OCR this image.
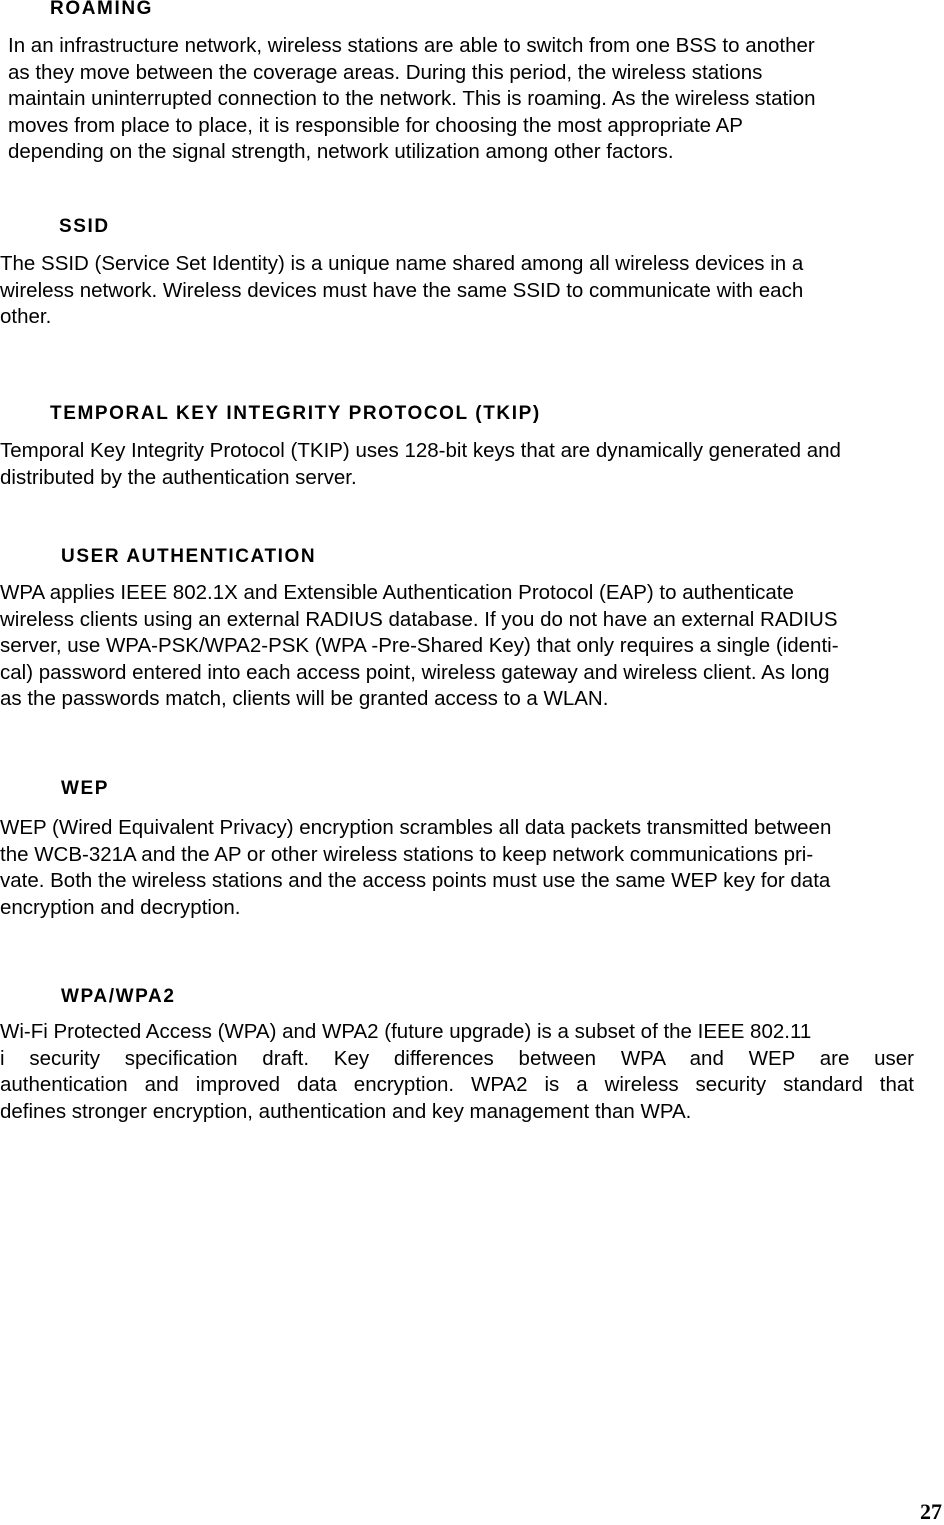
ROAMING
In an infrastructure network, wireless stations are able to switch from one BSS to another
as they move between the coverage areas. During this period, the wireless stations
maintain uninterrupted connection to the network. This is roaming. As the wireless station
moves from place to place, it is responsible for choosing the most appropriate AP
depending on the signal strength, network utilization among other factors.
SSID
The SSID (Service Set Identity) is a unique name shared among all wireless devices in a
wireless network. Wireless devices must have the same SSID to communicate with each
other.
TEMPORAL KEY INTEGRITY PROTOCOL (TKIP)
Temporal Key Integrity Protocol (TKIP) uses 128-bit keys that are dynamically generated and
distributed by the authentication server.
USER AUTHENTICATION
WPA applies IEEE 802.1X and Extensible Authentication Protocol (EAP) to authenticate
wireless clients using an external RADIUS database. If you do not have an external RADIUS
server, use WPA-PSK/WPA2-PSK (WPA -Pre-Shared Key) that only requires a single (identi-
cal) password entered into each access point, wireless gateway and wireless client. As long
as the passwords match, clients will be granted access to a WLAN.
WEP
WEP (Wired Equivalent Privacy) encryption scrambles all data packets transmitted between
the WCB-321A and the AP or other wireless stations to keep network communications pri-
vate. Both the wireless stations and the access points must use the same WEP key for data
encryption and decryption.
WPA/WPA2
Wi-Fi Protected Access (WPA) and WPA2 (future upgrade) is a subset of the IEEE 802.11
i security specification draft. Key differences between WPA and WEP are user
authentication and improved data encryption. WPA2 is a wireless security standard that
defines stronger encryption, authentication and key management than WPA.
27
